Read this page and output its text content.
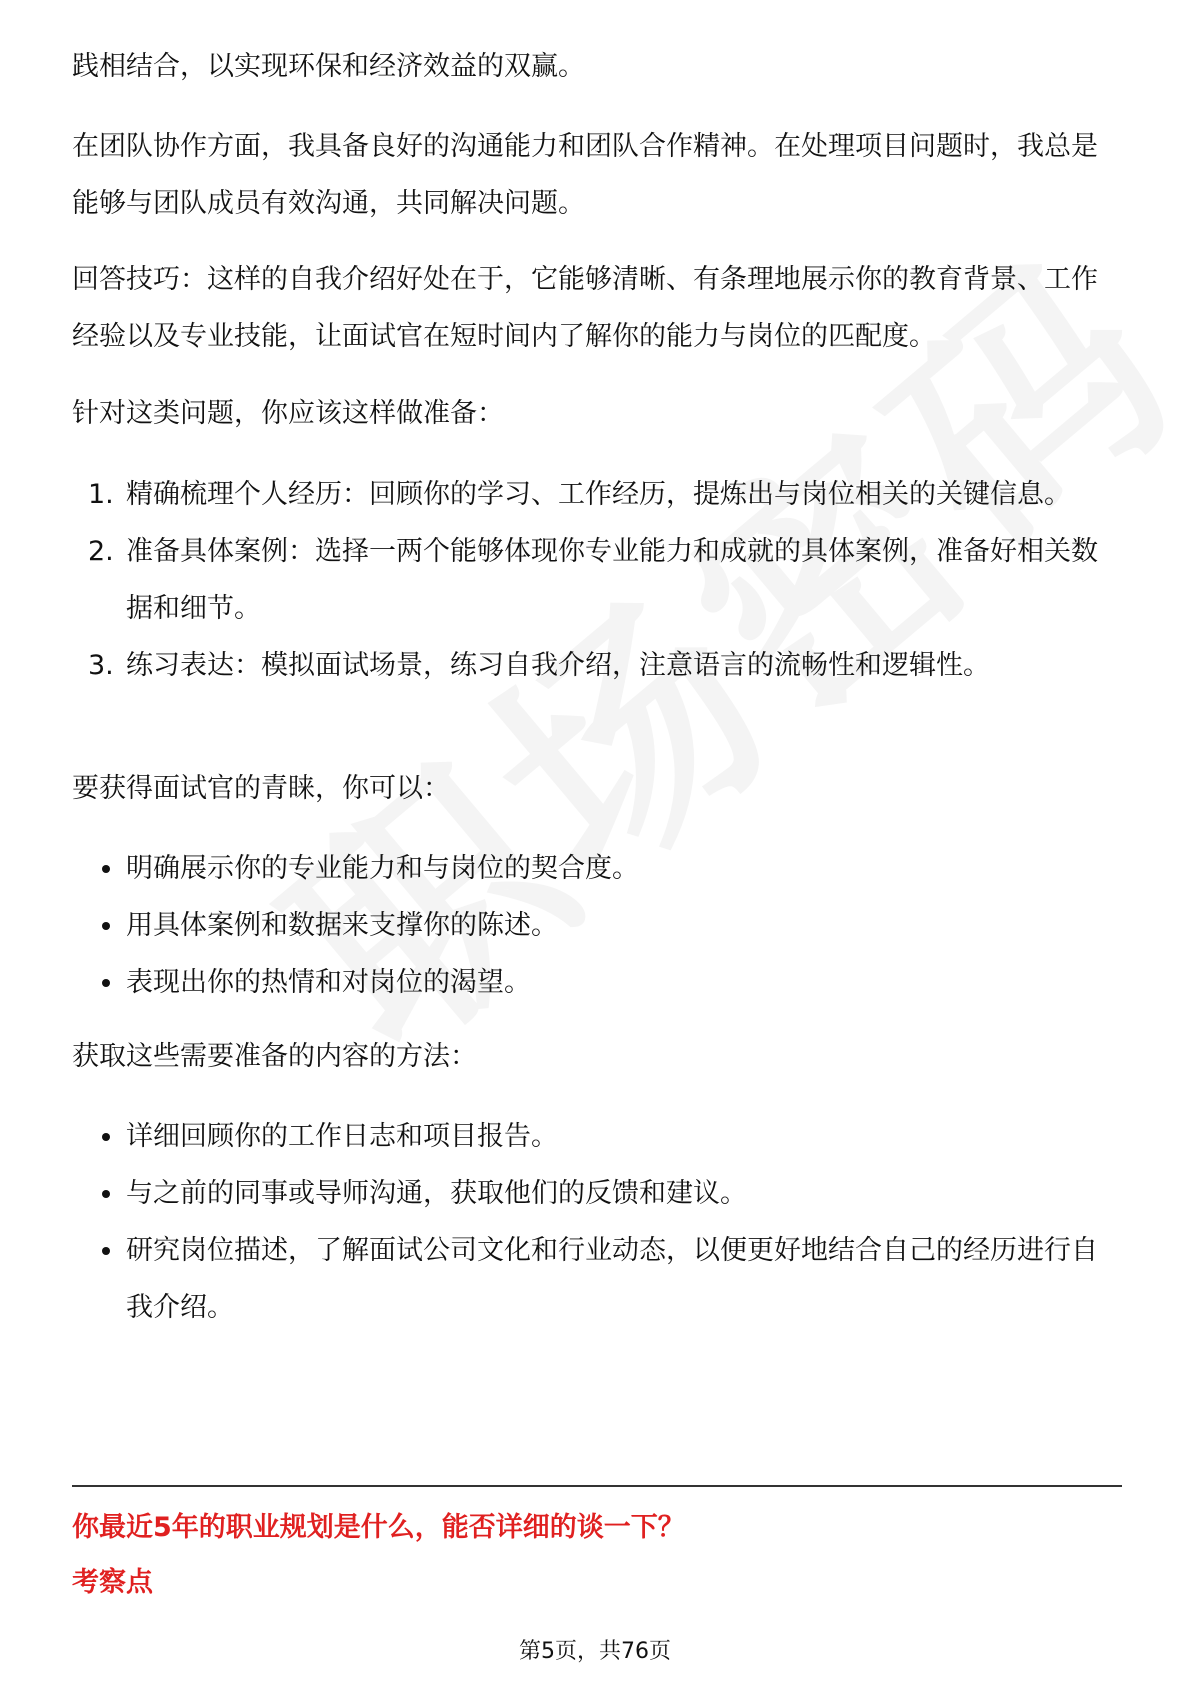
践相结合，以实现环保和经济效益的双赢。

在团队协作方面，我具备良好的沟通能力和团队合作精神。在处理项目问题时，我总是能够与团队成员有效沟通，共同解决问题。

回答技巧：这样的自我介绍好处在于，它能够清晰、有条理地展示你的教育背景、工作经验以及专业技能，让面试官在短时间内了解你的能力与岗位的匹配度。

针对这类问题，你应该这样做准备：

1. 精确梳理个人经历：回顾你的学习、工作经历，提炼出与岗位相关的关键信息。
2. 准备具体案例：选择一两个能够体现你专业能力和成就的具体案例，准备好相关数据和细节。
3. 练习表达：模拟面试场景，练习自我介绍，注意语言的流畅性和逻辑性。

要获得面试官的青睐，你可以：

明确展示你的专业能力和与岗位的契合度。
用具体案例和数据来支撑你的陈述。
表现出你的热情和对岗位的渴望。

获取这些需要准备的内容的方法：

详细回顾你的工作日志和项目报告。
与之前的同事或导师沟通，获取他们的反馈和建议。
研究岗位描述，了解面试公司文化和行业动态，以便更好地结合自己的经历进行自我介绍。
你最近5年的职业规划是什么，能否详细的谈一下？
考察点
第5页，共76页
